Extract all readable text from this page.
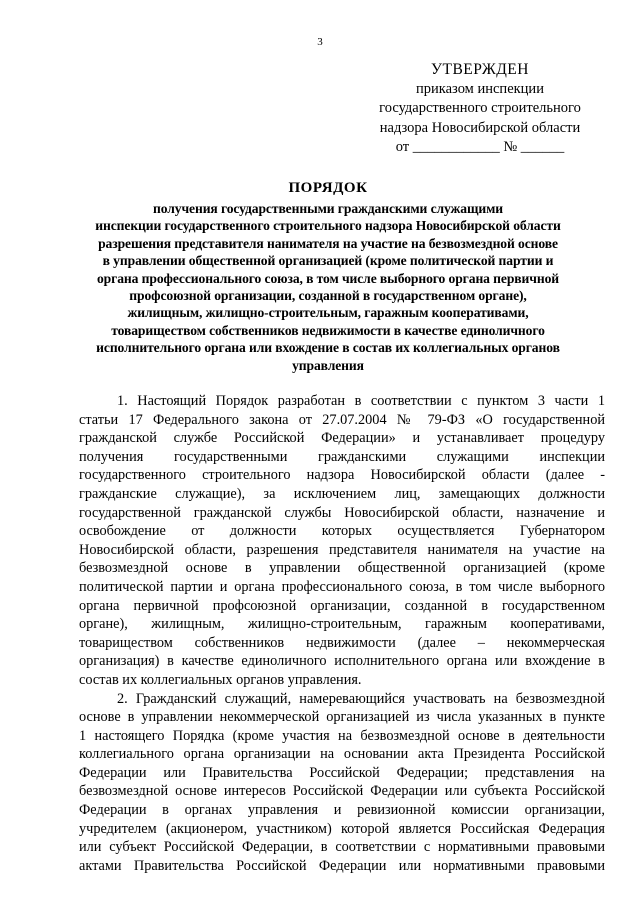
3
УТВЕРЖДЕН
приказом инспекции
государственного строительного
надзора Новосибирской области
от ____________ № ______
ПОРЯДОК
получения государственными гражданскими служащими
инспекции государственного строительного надзора Новосибирской области
разрешения представителя нанимателя на участие на безвозмездной основе
в управлении общественной организацией (кроме политической партии и
органа профессионального союза, в том числе выборного органа первичной
профсоюзной организации, созданной в государственном органе),
жилищным, жилищно-строительным, гаражным кооперативами,
товариществом собственников недвижимости в качестве единоличного
исполнительного органа или вхождение в состав их коллегиальных органов
управления
1. Настоящий Порядок разработан в соответствии с пунктом 3 части 1
статьи 17 Федерального закона от 27.07.2004 № 79-ФЗ «О государственной
гражданской службе Российской Федерации» и устанавливает процедуру
получения государственными гражданскими служащими инспекции
государственного строительного надзора Новосибирской области (далее -
гражданские служащие), за исключением лиц, замещающих должности
государственной гражданской службы Новосибирской области, назначение и
освобождение от должности которых осуществляется Губернатором
Новосибирской области, разрешения представителя нанимателя на участие на
безвозмездной основе в управлении общественной организацией (кроме
политической партии и органа профессионального союза, в том числе выборного
органа первичной профсоюзной организации, созданной в государственном
органе), жилищным, жилищно-строительным, гаражным кооперативами,
товариществом собственников недвижимости (далее – некоммерческая
организация) в качестве единоличного исполнительного органа или вхождение в
состав их коллегиальных органов управления.
2. Гражданский служащий, намеревающийся участвовать на безвозмездной
основе в управлении некоммерческой организацией из числа указанных в пункте
1 настоящего Порядка (кроме участия на безвозмездной основе в деятельности
коллегиального органа организации на основании акта Президента Российской
Федерации или Правительства Российской Федерации; представления на
безвозмездной основе интересов Российской Федерации или субъекта Российской
Федерации в органах управления и ревизионной комиссии организации,
учредителем (акционером, участником) которой является Российская Федерация
или субъект Российской Федерации, в соответствии с нормативными правовыми
актами Правительства Российской Федерации или нормативными правовыми
